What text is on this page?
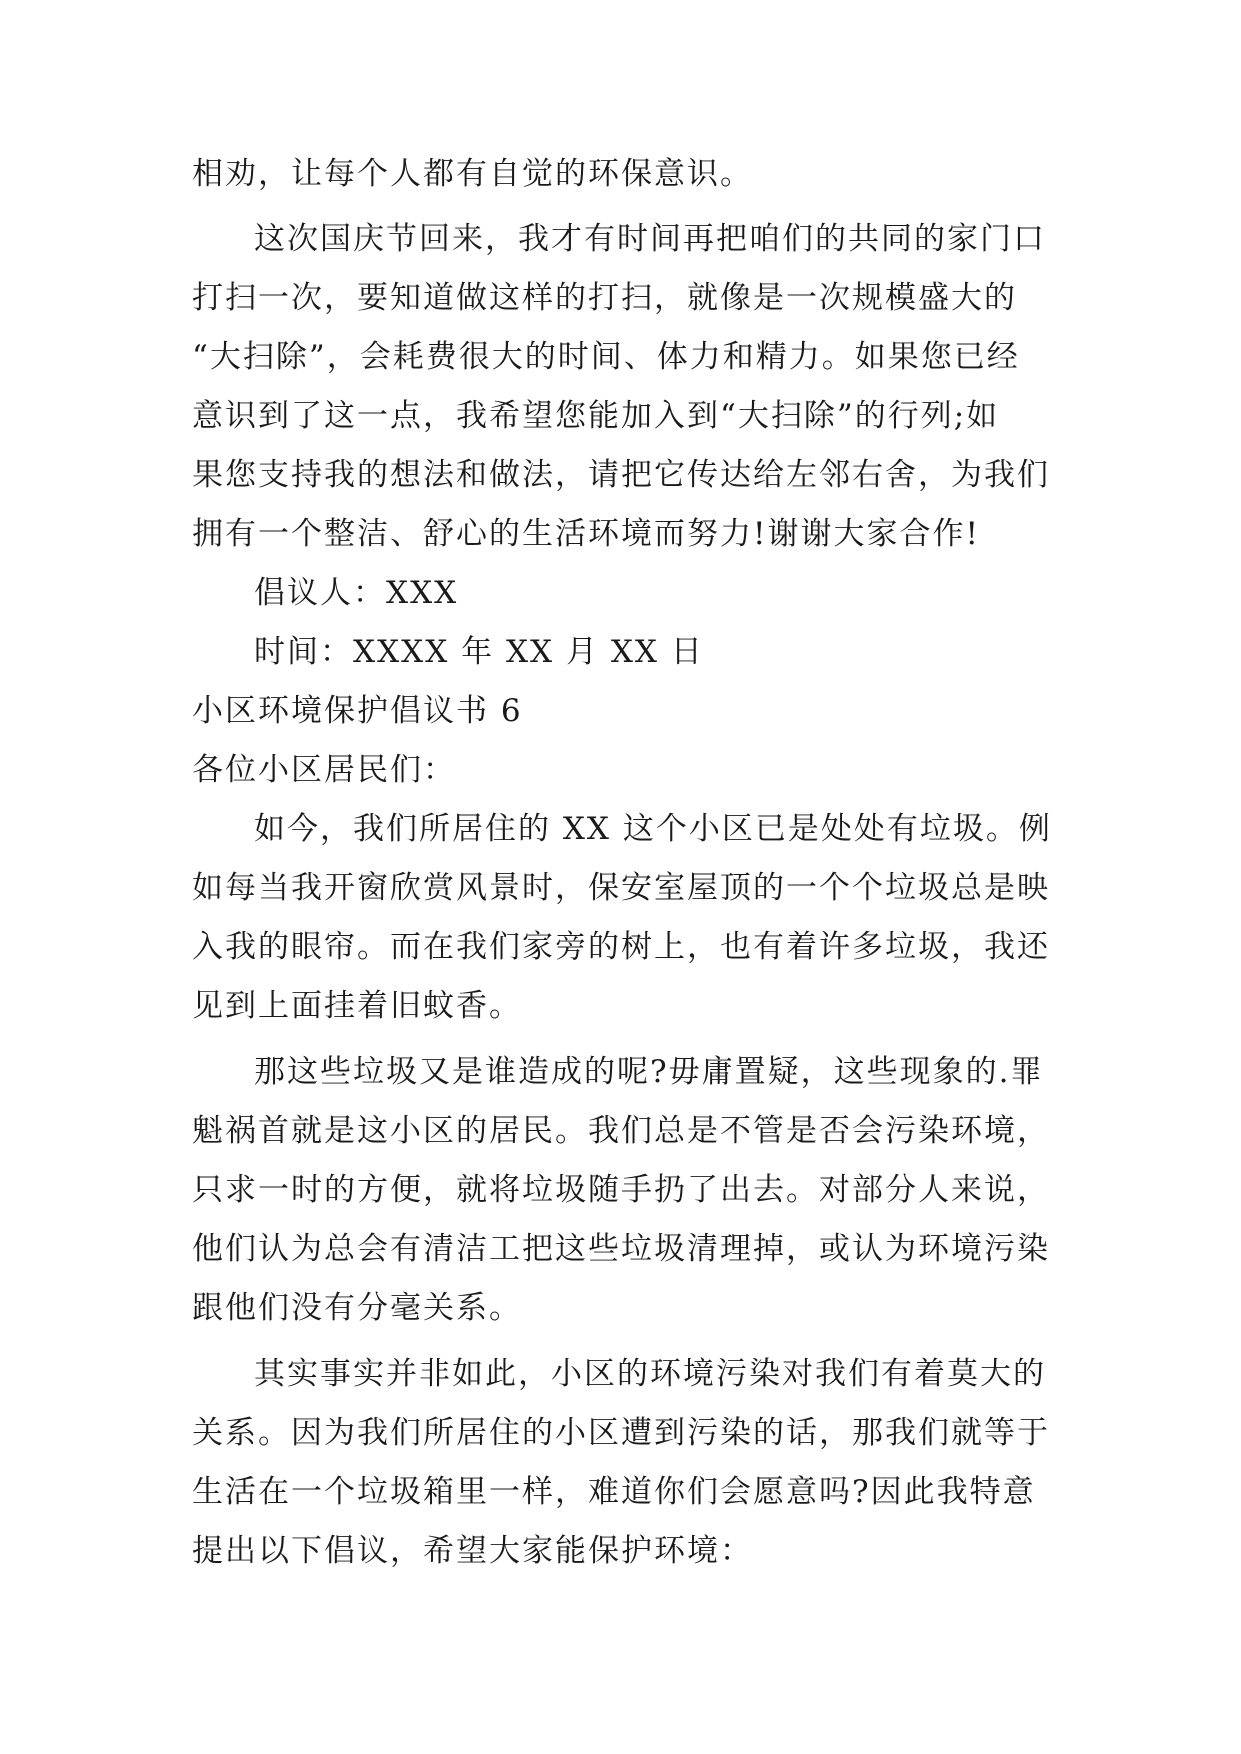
相劝，让每个人都有自觉的环保意识。
这次国庆节回来，我才有时间再把咱们的共同的家门口
打扫一次，要知道做这样的打扫，就像是一次规模盛大的
“大扫除”，会耗费很大的时间、体力和精力。如果您已经
意识到了这一点，我希望您能加入到“大扫除”的行列;如
果您支持我的想法和做法，请把它传达给左邻右舍，为我们
拥有一个整洁、舒心的生活环境而努力!谢谢大家合作!
倡议人：XXX
时间：XXXX 年 XX 月 XX 日
小区环境保护倡议书 6
各位小区居民们：
如今，我们所居住的 XX 这个小区已是处处有垃圾。例
如每当我开窗欣赏风景时，保安室屋顶的一个个垃圾总是映
入我的眼帘。而在我们家旁的树上，也有着许多垃圾，我还
见到上面挂着旧蚊香。
那这些垃圾又是谁造成的呢?毋庸置疑，这些现象的.罪
魁祸首就是这小区的居民。我们总是不管是否会污染环境，
只求一时的方便，就将垃圾随手扔了出去。对部分人来说，
他们认为总会有清洁工把这些垃圾清理掉，或认为环境污染
跟他们没有分毫关系。
其实事实并非如此，小区的环境污染对我们有着莫大的
关系。因为我们所居住的小区遭到污染的话，那我们就等于
生活在一个垃圾箱里一样，难道你们会愿意吗?因此我特意
提出以下倡议，希望大家能保护环境：
